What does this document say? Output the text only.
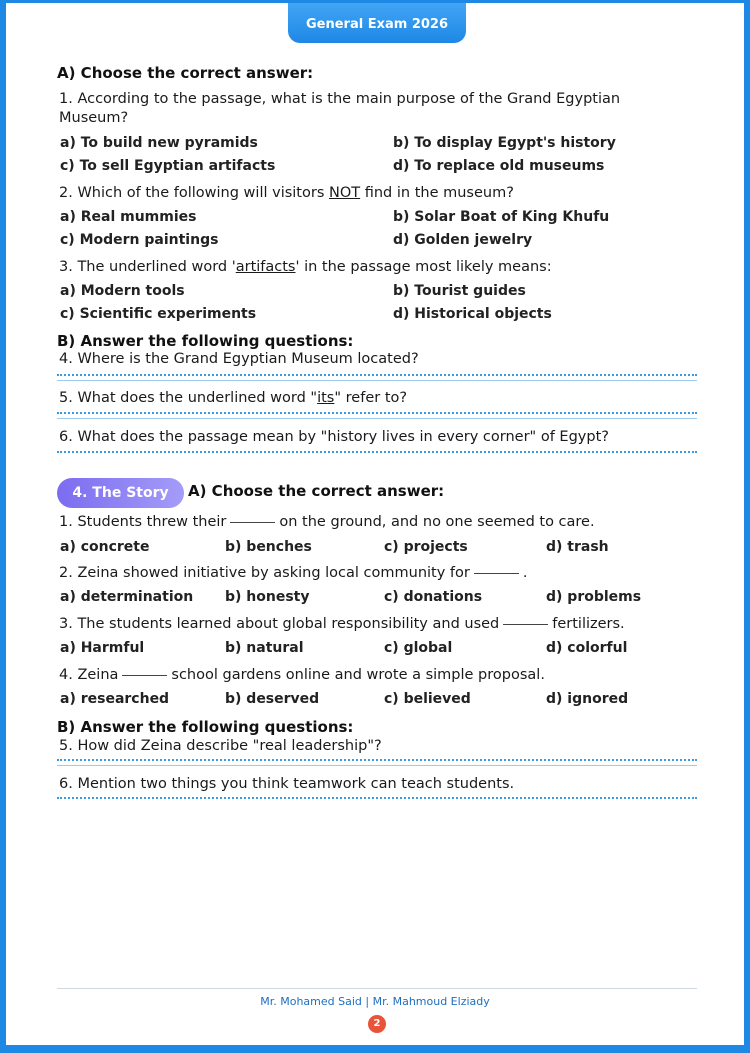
General Exam 2026
A) Choose the correct answer:
1. According to the passage, what is the main purpose of the Grand Egyptian
Museum?
a) To build new pyramids	b) To display Egypt's history
c) To sell Egyptian artifacts	d) To replace old museums
2. Which of the following will visitors NOT find in the museum?
a) Real mummies	b) Solar Boat of King Khufu
c) Modern paintings	d) Golden jewelry
3. The underlined word 'artifacts' in the passage most likely means:
a) Modern tools	b) Tourist guides
c) Scientific experiments	d) Historical objects
B) Answer the following questions:
4. Where is the Grand Egyptian Museum located?
5. What does the underlined word "its" refer to?
6. What does the passage mean by "history lives in every corner" of Egypt?
4. The Story	A) Choose the correct answer:
1. Students threw their	on the ground, and no one seemed to care.
a) concrete	b) benches	c) projects	d) trash
2. Zeina showed initiative by asking local community for	.
a) determination b) honesty	c) donations	d) problems
3. The students learned about global responsibility and used	fertilizers.
a) Harmful	b) natural	c) global	d) colorful
4. Zeina	school gardens online and wrote a simple proposal.
a) researched	b) deserved	c) believed	d) ignored
B) Answer the following questions:
5. How did Zeina describe "real leadership"?
6. Mention two things you think teamwork can teach students.
Mr. Mohamed Said | Mr. Mahmoud Elziady
2
